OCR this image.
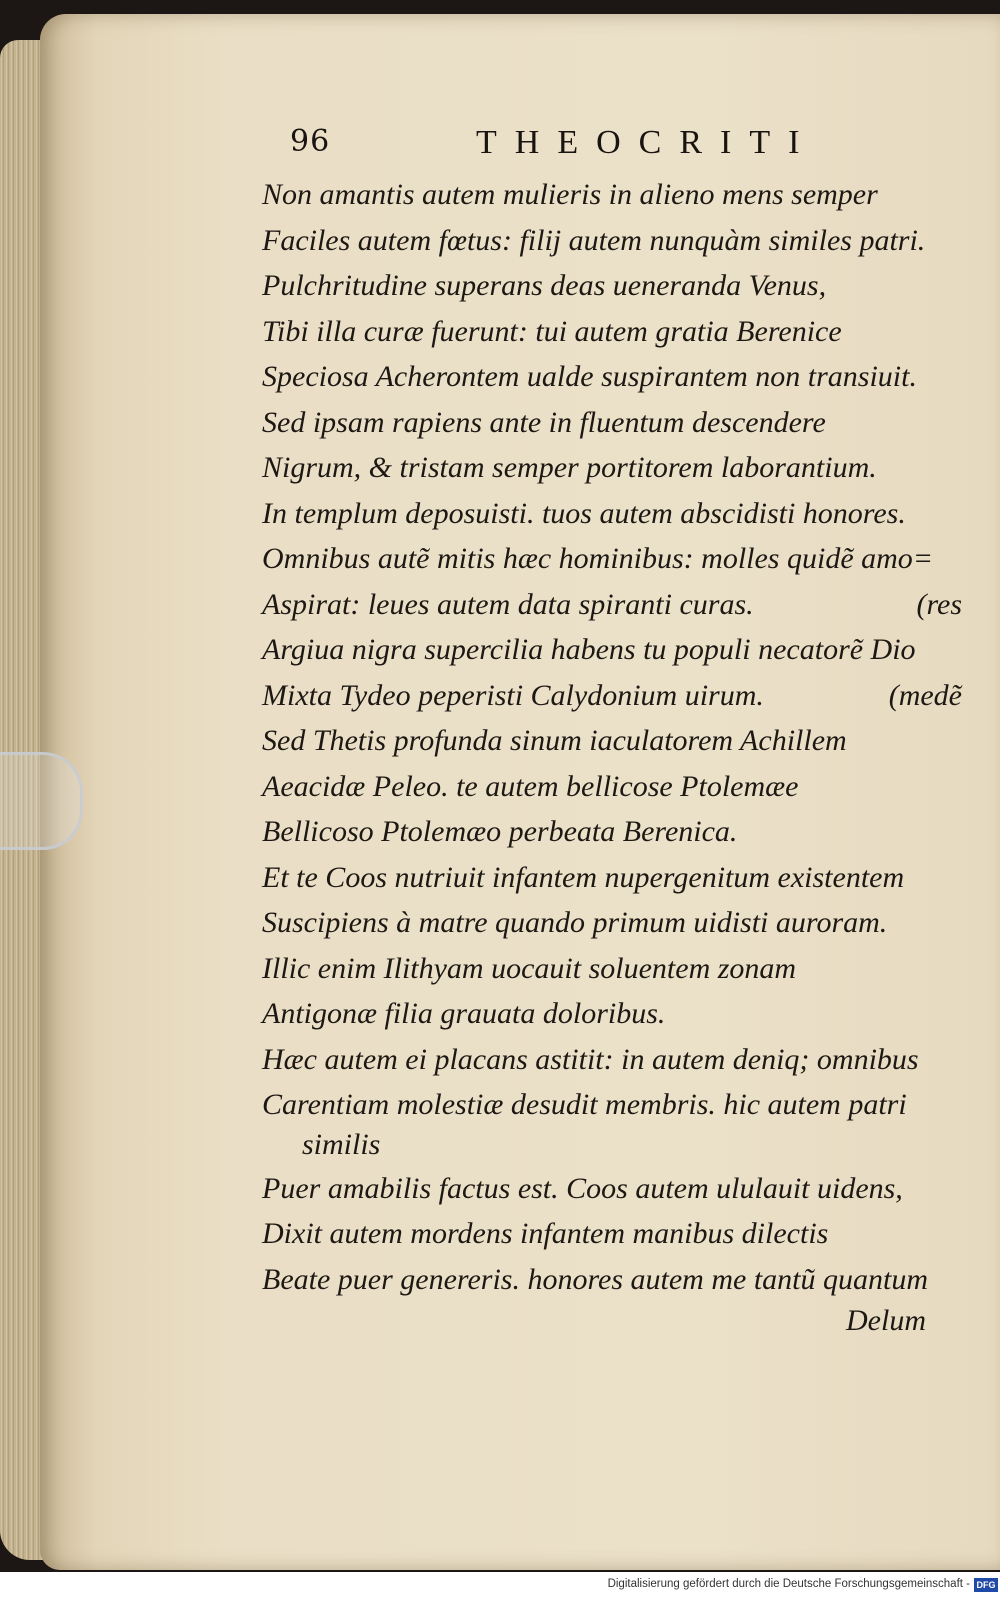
96	THEOCRITI
Non amantis autem mulieris in alieno mens semper
Faciles autem fœtus: filij autem nunquàm similes patri.
Pulchritudine superans deas ueneranda Venus,
Tibi illa curæ fuerunt: tui autem gratia Berenice
Speciosa Acherontem ualde suspirantem non transiuit.
Sed ipsam rapiens ante in fluentum descendere
Nigrum, & tristam semper portitorem laborantium.
In templum deposuisti. tuos autem abscidisti honores.
Omnibus autẽ mitis hæc hominibus: molles quidẽ amo=
Aspirat: leues autem data spiranti curas.	(res
Argiua nigra supercilia habens tu populi necatorẽ Dio
Mixta Tydeo peperisti Calydonium uirum.	(medẽ
Sed Thetis profunda sinum iaculatorem Achillem
Aeacidæ Peleo. te autem bellicose Ptolemæe
Bellicoso Ptolemæo perbeata Berenica.
Et te Coos nutriuit infantem nupergenitum existentem
Suscipiens à matre quando primum uidisti auroram.
Illic enim Ilithyam uocauit soluentem zonam
Antigonæ filia grauata doloribus.
Hæc autem ei placans astitit: in autem deniq; omnibus
Carentiam molestiæ desudit membris. hic autem patri
similis
Puer amabilis factus est. Coos autem ululauit uidens,
Dixit autem mordens infantem manibus dilectis
Beate puer genereris. honores autem me tantũ quantum
Delum
Digitalisierung gefördert durch die Deutsche Forschungsgemeinschaft - DFG
